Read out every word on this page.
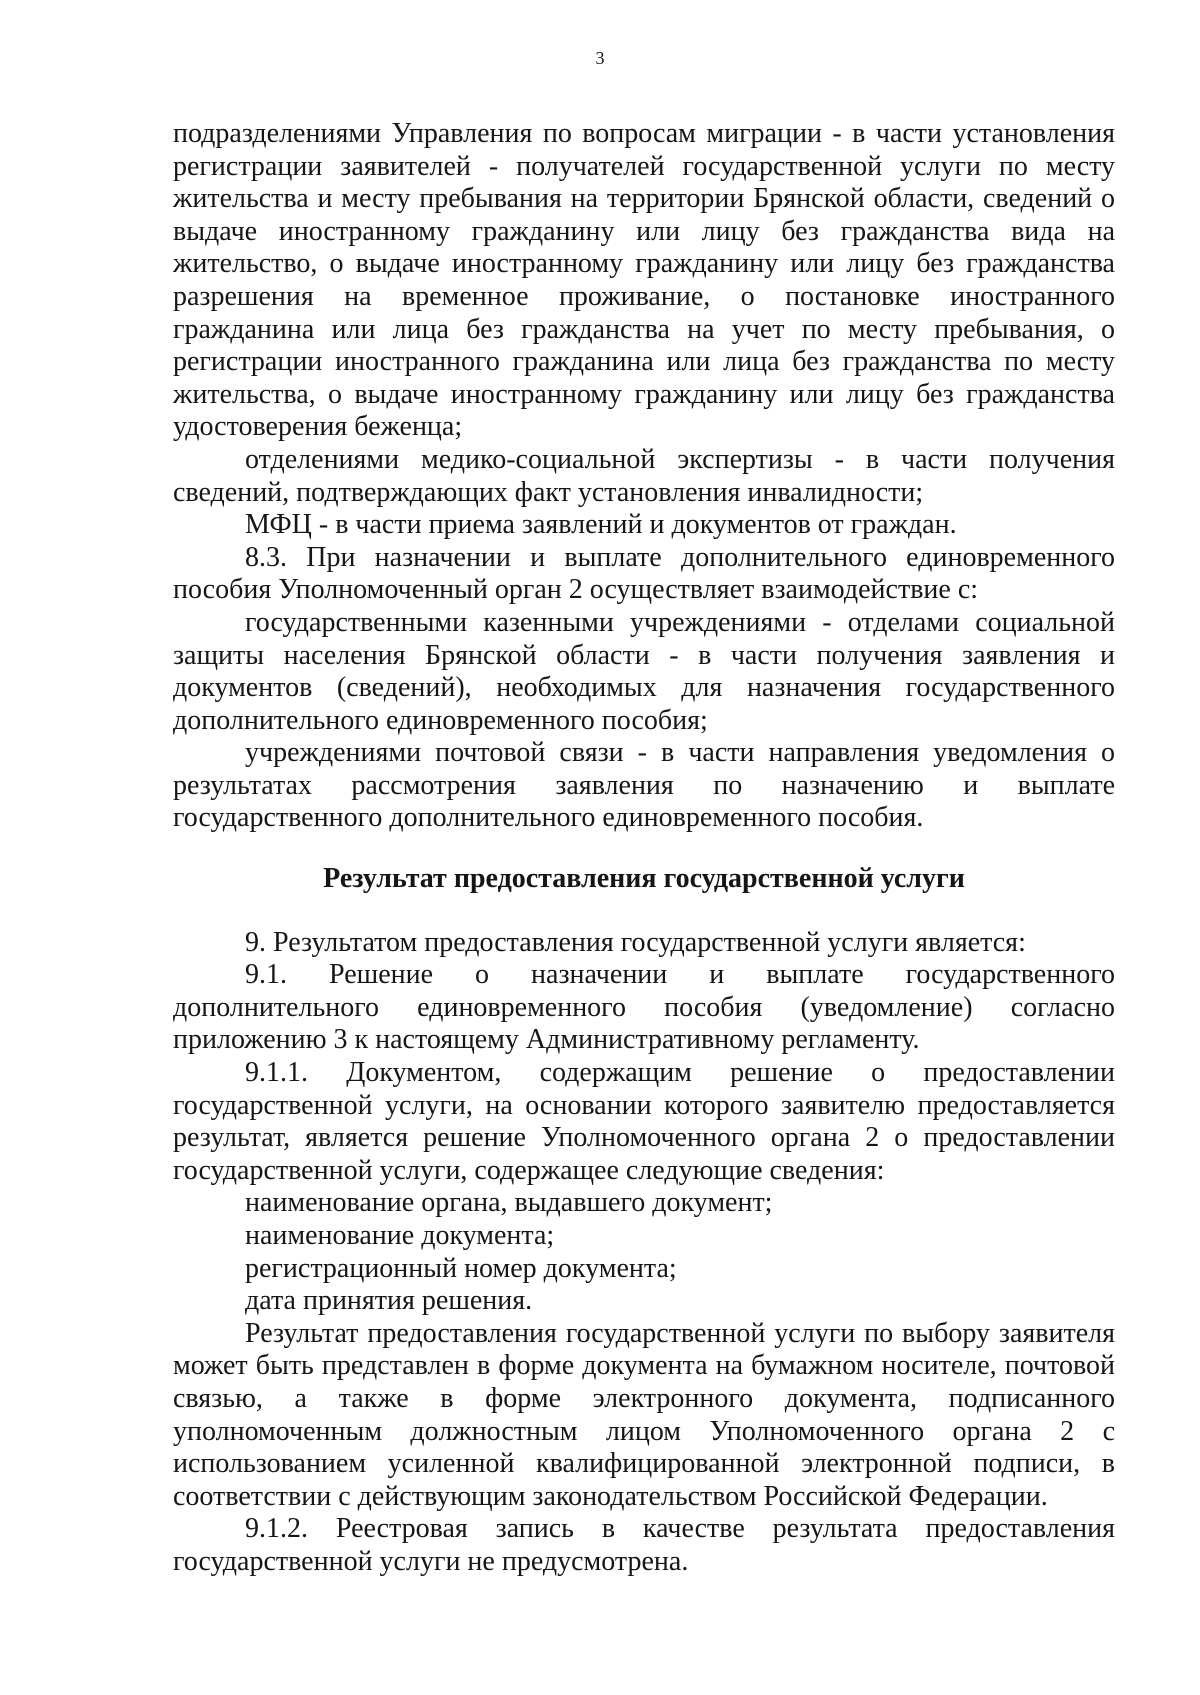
3

подразделениями Управления по вопросам миграции - в части установления регистрации заявителей - получателей государственной услуги по месту жительства и месту пребывания на территории Брянской области, сведений о выдаче иностранному гражданину или лицу без гражданства вида на жительство, о выдаче иностранному гражданину или лицу без гражданства разрешения на временное проживание, о постановке иностранного гражданина или лица без гражданства на учет по месту пребывания, о регистрации иностранного гражданина или лица без гражданства по месту жительства, о выдаче иностранному гражданину или лицу без гражданства удостоверения беженца;

отделениями медико-социальной экспертизы - в части получения сведений, подтверждающих факт установления инвалидности;

МФЦ - в части приема заявлений и документов от граждан.

8.3. При назначении и выплате дополнительного единовременного пособия Уполномоченный орган 2 осуществляет взаимодействие с:

государственными казенными учреждениями - отделами социальной защиты населения Брянской области - в части получения заявления и документов (сведений), необходимых для назначения государственного дополнительного единовременного пособия;

учреждениями почтовой связи - в части направления уведомления о результатах рассмотрения заявления по назначению и выплате государственного дополнительного единовременного пособия.

Результат предоставления государственной услуги

9. Результатом предоставления государственной услуги является:

9.1. Решение о назначении и выплате государственного дополнительного единовременного пособия (уведомление) согласно приложению 3 к настоящему Административному регламенту.

9.1.1. Документом, содержащим решение о предоставлении государственной услуги, на основании которого заявителю предоставляется результат, является решение Уполномоченного органа 2 о предоставлении государственной услуги, содержащее следующие сведения:

наименование органа, выдавшего документ;

наименование документа;

регистрационный номер документа;

дата принятия решения.

Результат предоставления государственной услуги по выбору заявителя может быть представлен в форме документа на бумажном носителе, почтовой связью, а также в форме электронного документа, подписанного уполномоченным должностным лицом Уполномоченного органа 2 с использованием усиленной квалифицированной электронной подписи, в соответствии с действующим законодательством Российской Федерации.

9.1.2. Реестровая запись в качестве результата предоставления государственной услуги не предусмотрена.
